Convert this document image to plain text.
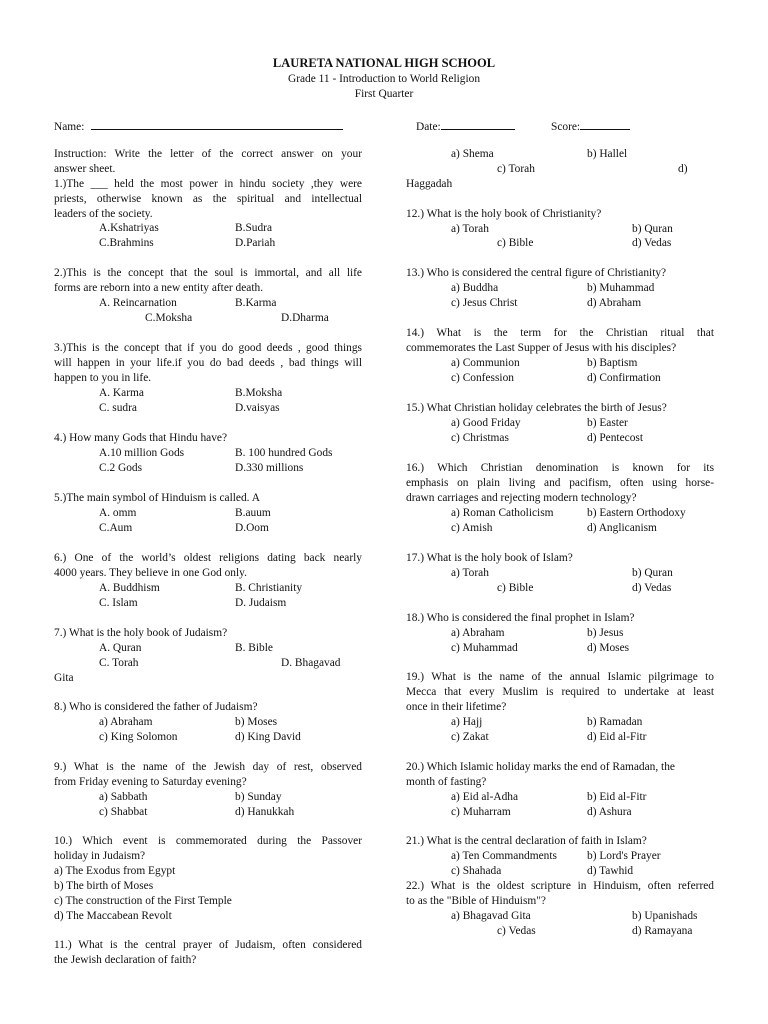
LAURETA NATIONAL HIGH SCHOOL
Grade 11 - Introduction to World Religion
First Quarter
Name:	Date:	Score:
Instruction: Write the letter of the correct answer on your
answer sheet.
1.)The ___ held the most power in hindu society ,they were
priests, otherwise known as the spiritual and intellectual
leaders of the society.
A.Kshatriyas	B.Sudra
C.Brahmins	D.Pariah
2.)This is the concept that the soul is immortal, and all life
forms are reborn into a new entity after death.
A. Reincarnation	B.Karma
C.Moksha	D.Dharma
3.)This is the concept that if you do good deeds , good things
will happen in your life.if you do bad deeds , bad things will
happen to you in life.
A. Karma	B.Moksha
C. sudra	D.vaisyas
4.) How many Gods that Hindu have?
A.10 million Gods	B. 100 hundred Gods
C.2 Gods	D.330 millions
5.)The main symbol of Hinduism is called. A
A. omm	B.auum
C.Aum	D.Oom
6.) One of the world’s oldest religions dating back nearly
4000 years. They believe in one God only.
A. Buddhism	B. Christianity
C. Islam	D. Judaism
7.) What is the holy book of Judaism?
A. Quran	B. Bible
C. Torah	D. Bhagavad
Gita
8.) Who is considered the father of Judaism?
a) Abraham	b) Moses
c) King Solomon	d) King David
9.) What is the name of the Jewish day of rest, observed
from Friday evening to Saturday evening?
a) Sabbath	b) Sunday
c) Shabbat	d) Hanukkah
10.) Which event is commemorated during the Passover
holiday in Judaism?
a) The Exodus from Egypt
b) The birth of Moses
c) The construction of the First Temple
d) The Maccabean Revolt
11.) What is the central prayer of Judaism, often considered
the Jewish declaration of faith?
a) Shema	b) Hallel
c) Torah	d)
Haggadah
12.) What is the holy book of Christianity?
a) Torah	b) Quran
c) Bible	d) Vedas
13.) Who is considered the central figure of Christianity?
a) Buddha	b) Muhammad
c) Jesus Christ	d) Abraham
14.) What is the term for the Christian ritual that
commemorates the Last Supper of Jesus with his disciples?
a) Communion	b) Baptism
c) Confession	d) Confirmation
15.) What Christian holiday celebrates the birth of Jesus?
a) Good Friday	b) Easter
c) Christmas	d) Pentecost
16.) Which Christian denomination is known for its
emphasis on plain living and pacifism, often using horse-
drawn carriages and rejecting modern technology?
a) Roman Catholicism	b) Eastern Orthodoxy
c) Amish	d) Anglicanism
17.) What is the holy book of Islam?
a) Torah	b) Quran
c) Bible	d) Vedas
18.) Who is considered the final prophet in Islam?
a) Abraham	b) Jesus
c) Muhammad	d) Moses
19.) What is the name of the annual Islamic pilgrimage to
Mecca that every Muslim is required to undertake at least
once in their lifetime?
a) Hajj	b) Ramadan
c) Zakat	d) Eid al-Fitr
20.) Which Islamic holiday marks the end of Ramadan, the
month of fasting?
a) Eid al-Adha	b) Eid al-Fitr
c) Muharram	d) Ashura
21.) What is the central declaration of faith in Islam?
a) Ten Commandments	b) Lord's Prayer
c) Shahada	d) Tawhid
22.) What is the oldest scripture in Hinduism, often referred
to as the "Bible of Hinduism"?
a) Bhagavad Gita	b) Upanishads
c) Vedas	d) Ramayana
